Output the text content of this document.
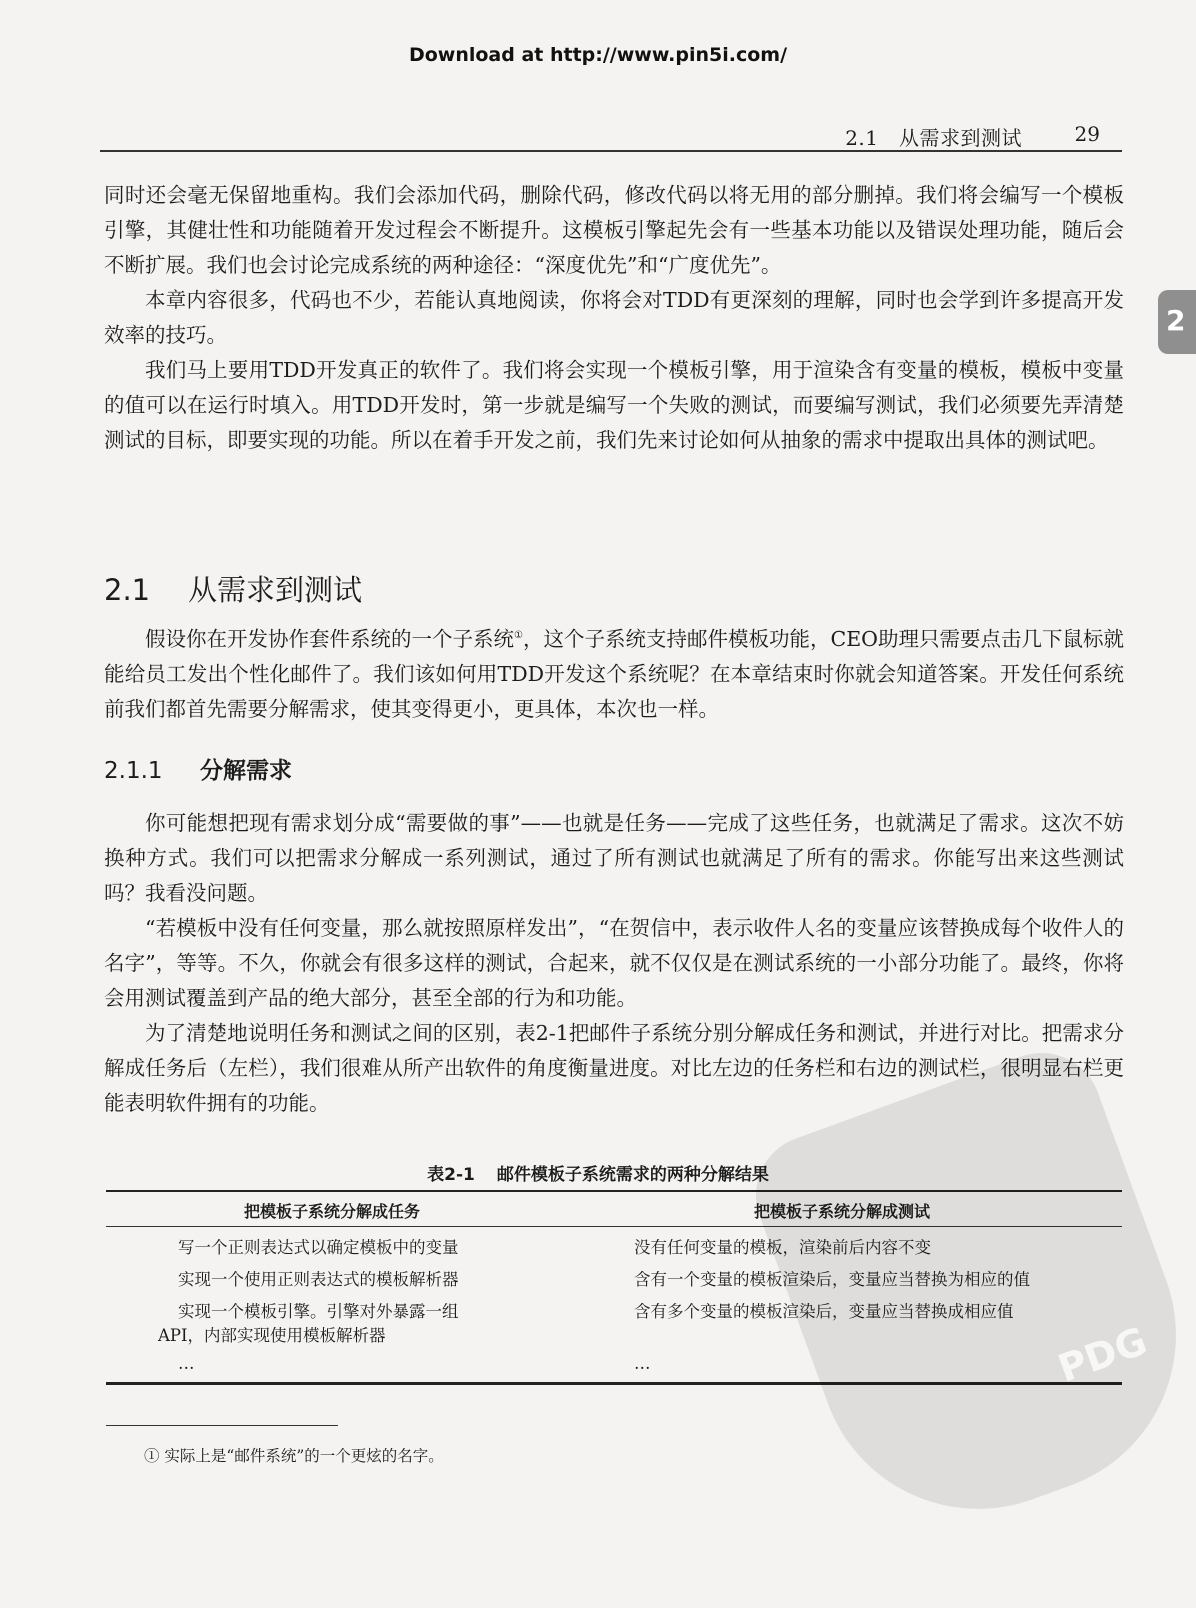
Download at http://www.pin5i.com/
2.1　从需求到测试	29
2

同时还会毫无保留地重构。我们会添加代码，删除代码，修改代码以将无用的部分删掉。我们将会编写一个模板引擎，其健壮性和功能随着开发过程会不断提升。这模板引擎起先会有一些基本功能以及错误处理功能，随后会不断扩展。我们也会讨论完成系统的两种途径：“深度优先”和“广度优先”。

本章内容很多，代码也不少，若能认真地阅读，你将会对TDD有更深刻的理解，同时也会学到许多提高开发效率的技巧。

我们马上要用TDD开发真正的软件了。我们将会实现一个模板引擎，用于渲染含有变量的模板，模板中变量的值可以在运行时填入。用TDD开发时，第一步就是编写一个失败的测试，而要编写测试，我们必须要先弄清楚测试的目标，即要实现的功能。所以在着手开发之前，我们先来讨论如何从抽象的需求中提取出具体的测试吧。

2.1 从需求到测试

假设你在开发协作套件系统的一个子系统①，这个子系统支持邮件模板功能，CEO助理只需要点击几下鼠标就能给员工发出个性化邮件了。我们该如何用TDD开发这个系统呢？在本章结束时你就会知道答案。开发任何系统前我们都首先需要分解需求，使其变得更小，更具体，本次也一样。

2.1.1 分解需求

你可能想把现有需求划分成“需要做的事”——也就是任务——完成了这些任务，也就满足了需求。这次不妨换种方式。我们可以把需求分解成一系列测试，通过了所有测试也就满足了所有的需求。你能写出来这些测试吗？我看没问题。

“若模板中没有任何变量，那么就按照原样发出”，“在贺信中，表示收件人名的变量应该替换成每个收件人的名字”，等等。不久，你就会有很多这样的测试，合起来，就不仅仅是在测试系统的一小部分功能了。最终，你将会用测试覆盖到产品的绝大部分，甚至全部的行为和功能。

为了清楚地说明任务和测试之间的区别，表2-1把邮件子系统分别分解成任务和测试，并进行对比。把需求分解成任务后（左栏），我们很难从所产出软件的角度衡量进度。对比左边的任务栏和右边的测试栏，很明显右栏更能表明软件拥有的功能。

表2-1 邮件模板子系统需求的两种分解结果
把模板子系统分解成任务	把模板子系统分解成测试
写一个正则表达式以确定模板中的变量
实现一个使用正则表达式的模板解析器
实现一个模板引擎。引擎对外暴露一组
API，内部实现使用模板解析器
…
没有任何变量的模板，渲染前后内容不变
含有一个变量的模板渲染后，变量应当替换为相应的值
含有多个变量的模板渲染后，变量应当替换成相应值
…
① 实际上是“邮件系统”的一个更炫的名字。
PDG
